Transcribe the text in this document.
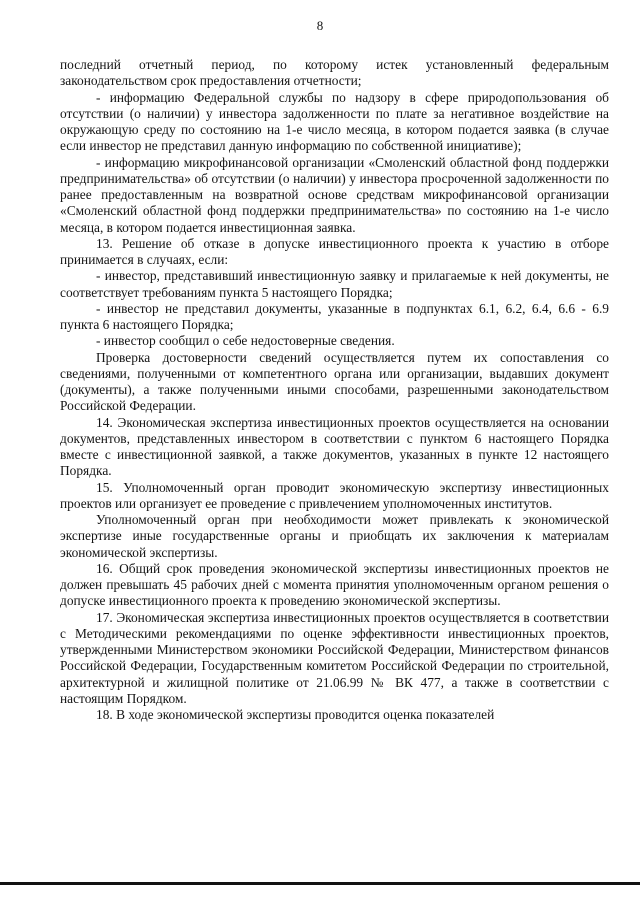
8

последний отчетный период, по которому истек установленный федеральным законодательством срок предоставления отчетности;

- информацию Федеральной службы по надзору в сфере природопользования об отсутствии (о наличии) у инвестора задолженности по плате за негативное воздействие на окружающую среду по состоянию на 1-е число месяца, в котором подается заявка (в случае если инвестор не представил данную информацию по собственной инициативе);

- информацию микрофинансовой организации «Смоленский областной фонд поддержки предпринимательства» об отсутствии (о наличии) у инвестора просроченной задолженности по ранее предоставленным на возвратной основе средствам микрофинансовой организации «Смоленский областной фонд поддержки предпринимательства» по состоянию на 1-е число месяца, в котором подается инвестиционная заявка.

13. Решение об отказе в допуске инвестиционного проекта к участию в отборе принимается в случаях, если:

- инвестор, представивший инвестиционную заявку и прилагаемые к ней документы, не соответствует требованиям пункта 5 настоящего Порядка;

- инвестор не представил документы, указанные в подпунктах 6.1, 6.2, 6.4, 6.6 - 6.9 пункта 6 настоящего Порядка;

- инвестор сообщил о себе недостоверные сведения.

Проверка достоверности сведений осуществляется путем их сопоставления со сведениями, полученными от компетентного органа или организации, выдавших документ (документы), а также полученными иными способами, разрешенными законодательством Российской Федерации.

14. Экономическая экспертиза инвестиционных проектов осуществляется на основании документов, представленных инвестором в соответствии с пунктом 6 настоящего Порядка вместе с инвестиционной заявкой, а также документов, указанных в пункте 12 настоящего Порядка.

15. Уполномоченный орган проводит экономическую экспертизу инвестиционных проектов или организует ее проведение с привлечением уполномоченных институтов.

Уполномоченный орган при необходимости может привлекать к экономической экспертизе иные государственные органы и приобщать их заключения к материалам экономической экспертизы.

16. Общий срок проведения экономической экспертизы инвестиционных проектов не должен превышать 45 рабочих дней с момента принятия уполномоченным органом решения о допуске инвестиционного проекта к проведению экономической экспертизы.

17. Экономическая экспертиза инвестиционных проектов осуществляется в соответствии с Методическими рекомендациями по оценке эффективности инвестиционных проектов, утвержденными Министерством экономики Российской Федерации, Министерством финансов Российской Федерации, Государственным комитетом Российской Федерации по строительной, архитектурной и жилищной политике от 21.06.99 № ВК 477, а также в соответствии с настоящим Порядком.

18. В ходе экономической экспертизы проводится оценка показателей
